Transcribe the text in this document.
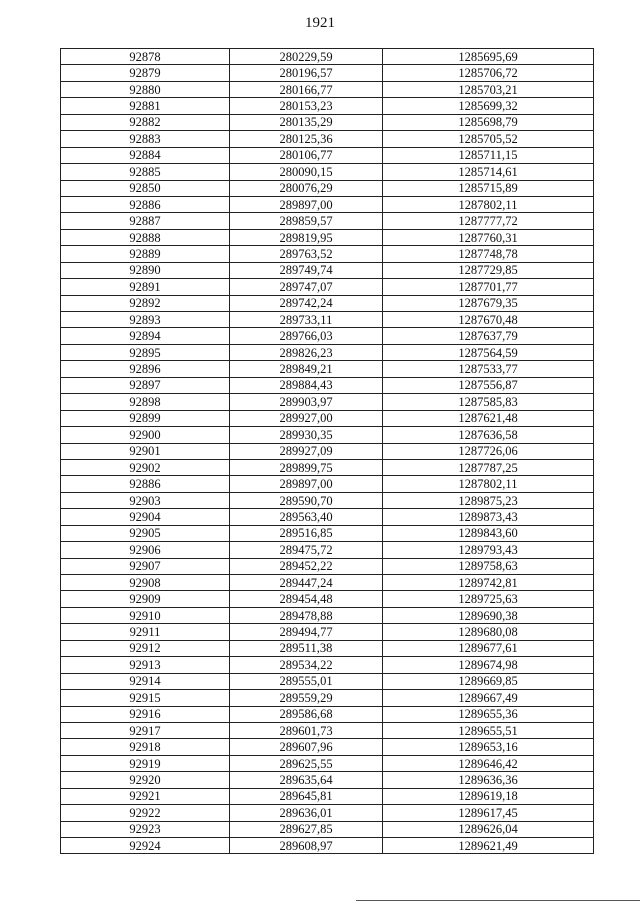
1921
92878	280229,59	1285695,69
92879	280196,57	1285706,72
92880	280166,77	1285703,21
92881	280153,23	1285699,32
92882	280135,29	1285698,79
92883	280125,36	1285705,52
92884	280106,77	1285711,15
92885	280090,15	1285714,61
92850	280076,29	1285715,89
92886	289897,00	1287802,11
92887	289859,57	1287777,72
92888	289819,95	1287760,31
92889	289763,52	1287748,78
92890	289749,74	1287729,85
92891	289747,07	1287701,77
92892	289742,24	1287679,35
92893	289733,11	1287670,48
92894	289766,03	1287637,79
92895	289826,23	1287564,59
92896	289849,21	1287533,77
92897	289884,43	1287556,87
92898	289903,97	1287585,83
92899	289927,00	1287621,48
92900	289930,35	1287636,58
92901	289927,09	1287726,06
92902	289899,75	1287787,25
92886	289897,00	1287802,11
92903	289590,70	1289875,23
92904	289563,40	1289873,43
92905	289516,85	1289843,60
92906	289475,72	1289793,43
92907	289452,22	1289758,63
92908	289447,24	1289742,81
92909	289454,48	1289725,63
92910	289478,88	1289690,38
92911	289494,77	1289680,08
92912	289511,38	1289677,61
92913	289534,22	1289674,98
92914	289555,01	1289669,85
92915	289559,29	1289667,49
92916	289586,68	1289655,36
92917	289601,73	1289655,51
92918	289607,96	1289653,16
92919	289625,55	1289646,42
92920	289635,64	1289636,36
92921	289645,81	1289619,18
92922	289636,01	1289617,45
92923	289627,85	1289626,04
92924	289608,97	1289621,49
